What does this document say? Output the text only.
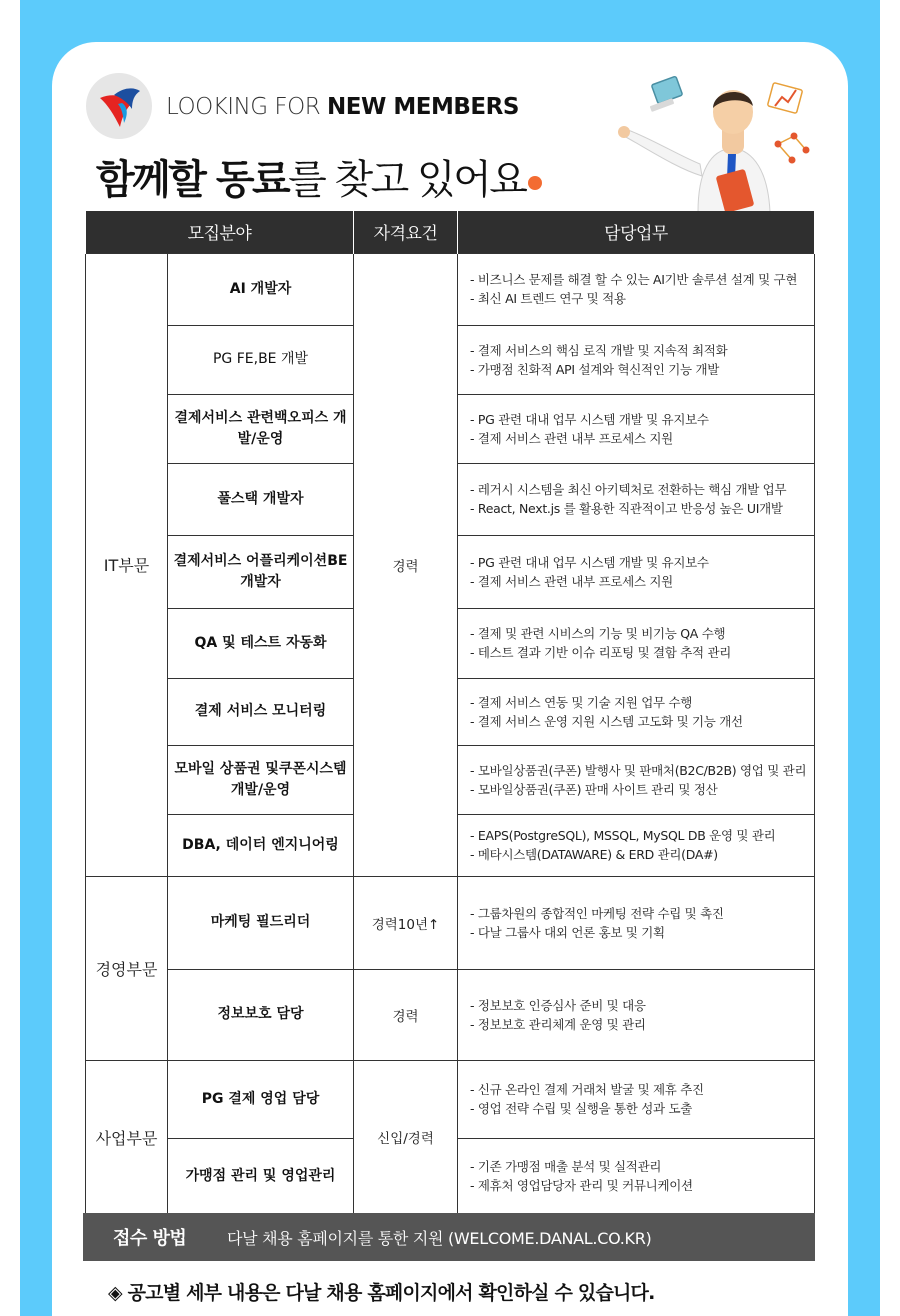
LOOKING FOR NEW MEMBERS
함께할 동료를 찾고 있어요
모집분야		자격요건	담당업무
IT부문	AI 개발자	경력	- 비즈니스 문제를 해결 할 수 있는 AI기반 솔루션 설계 및 구현
- 최신 AI 트렌드 연구 및 적용

	PG FE,BE 개발		- 결제 서비스의 핵심 로직 개발 및 지속적 최적화
- 가맹점 친화적 API 설계와 혁신적인 기능 개발

	결제서비스 관련백오피스 개발/운영		- PG 관련 대내 업무 시스템 개발 및 유지보수
- 결제 서비스 관련 내부 프로세스 지원

	풀스택 개발자		- 레거시 시스템을 최신 아키텍처로 전환하는 핵심 개발 업무
- React, Next.js 를 활용한 직관적이고 반응성 높은 UI개발

	결제서비스 어플리케이션BE 개발자		- PG 관련 대내 업무 시스템 개발 및 유지보수
- 결제 서비스 관련 내부 프로세스 지원

	QA 및 테스트 자동화		- 결제 및 관련 시비스의 기능 및 비기능 QA 수행
- 테스트 결과 기반 이슈 리포팅 및 결함 추적 관리

	결제 서비스 모니터링		- 결제 서비스 연동 및 기술 지원 업무 수행
- 결제 서비스 운영 지원 시스템 고도화 및 기능 개선

	모바일 상품권 및쿠폰시스템 개발/운영		- 모바일상품권(쿠폰) 발행사 및 판매처(B2C/B2B) 영업 및 관리
- 모바일상품권(쿠폰) 판매 사이트 관리 및 정산

	DBA, 데이터 엔지니어링		- EAPS(PostgreSQL), MSSQL, MySQL DB 운영 및 관리
- 메타시스템(DATAWARE) & ERD 관리(DA#)

경영부문	마케팅 필드리더	경력10년↑	- 그룹차원의 종합적인 마케팅 전략 수립 및 촉진
- 다날 그룹사 대외 언론 홍보 및 기획

	정보보호 담당	경력	- 정보보호 인증심사 준비 및 대응
- 정보보호 관리체계 운영 및 관리

사업부문	PG 결제 영업 담당	신입/경력	- 신규 온라인 결제 거래처 발굴 및 제휴 추진
- 영업 전략 수립 및 실행을 통한 성과 도출

	가맹점 관리 및 영업관리		- 기존 가맹점 매출 분석 및 실적관리
- 제휴처 영업담당자 관리 및 커뮤니케이션
접수 방법	다날 채용 홈페이지를 통한 지원 (WELCOME.DANAL.CO.KR)
◈ 공고별 세부 내용은 다날 채용 홈페이지에서 확인하실 수 있습니다.
